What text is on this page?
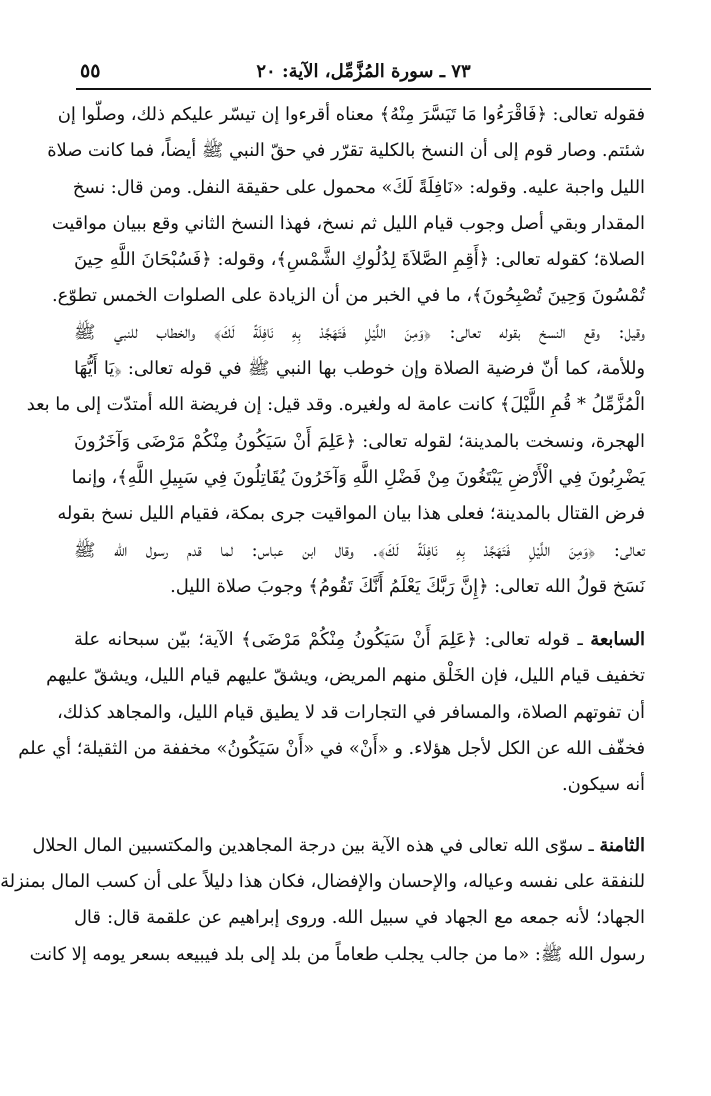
٧٣ ـ سورة المُزَّمِّل، الآية: ٢٠
٥٥
فقوله تعالى: ﴿فَاقْرَءُوا مَا تَيَسَّرَ مِنْهُ﴾ معناه أقرءوا إن تيسّر عليكم ذلك، وصلّوا إن
شئتم. وصار قوم إلى أن النسخ بالكلية تقرّر في حقّ النبي ﷺ أيضاً، فما كانت صلاة
الليل واجبة عليه. وقوله: «نَافِلَةً لَكَ» محمول على حقيقة النفل. ومن قال: نسخ
المقدار وبقي أصل وجوب قيام الليل ثم نسخ، فهذا النسخ الثاني وقع ببيان مواقيت
الصلاة؛ كقوله تعالى: ﴿أَقِمِ الصَّلاَةَ لِدُلُوكِ الشَّمْسِ﴾، وقوله: ﴿فَسُبْحَانَ اللَّهِ حِينَ
تُمْسُونَ وَحِينَ تُصْبِحُونَ﴾، ما في الخبر من أن الزيادة على الصلوات الخمس تطوّع.
وقيل: وقع النسخ بقوله تعالى: ﴿وَمِنَ اللَّيْلِ فَتَهَجَّدْ بِهِ نَافِلَةً لَكَ﴾ والخطاب للنبي ﷺ
وللأمة، كما أنّ فرضية الصلاة وإن خوطب بها النبي ﷺ في قوله تعالى: ﴿يَا أَيُّهَا
الْمُزَّمِّلُ * قُمِ اللَّيْلَ﴾ كانت عامة له ولغيره. وقد قيل: إن فريضة الله أمتدّت إلى ما بعد
الهجرة، ونسخت بالمدينة؛ لقوله تعالى: ﴿عَلِمَ أَنْ سَيَكُونُ مِنْكُمْ مَرْضَى وَآخَرُونَ
يَضْرِبُونَ فِي الْأَرْضِ يَبْتَغُونَ مِنْ فَضْلِ اللَّهِ وَآخَرُونَ يُقَاتِلُونَ فِي سَبِيلِ اللَّهِ﴾، وإنما
فرض القتال بالمدينة؛ فعلى هذا بيان المواقيت جرى بمكة، فقيام الليل نسخ بقوله
تعالى: ﴿وَمِنَ اللَّيْلِ فَتَهَجَّدْ بِهِ نَافِلَةً لَكَ﴾. وقال ابن عباس: لما قدم رسول الله ﷺ
نَسَخ قولُ الله تعالى: ﴿إِنَّ رَبَّكَ يَعْلَمُ أَنَّكَ تَقُومُ﴾ وجوبَ صلاة الليل.
السابعة ـ قوله تعالى: ﴿عَلِمَ أَنْ سَيَكُونُ مِنْكُمْ مَرْضَى﴾ الآية؛ بيّن سبحانه علة
تخفيف قيام الليل، فإن الخَلْق منهم المريض، ويشقّ عليهم قيام الليل، ويشقّ عليهم
أن تفوتهم الصلاة، والمسافر في التجارات قد لا يطيق قيام الليل، والمجاهد كذلك،
فخفّف الله عن الكل لأجل هؤلاء. و «أَنْ» في «أَنْ سَيَكُونُ» مخففة من الثقيلة؛ أي علم
أنه سيكون.
الثامنة ـ سوّى الله تعالى في هذه الآية بين درجة المجاهدين والمكتسبين المال الحلال
للنفقة على نفسه وعياله، والإحسان والإفضال، فكان هذا دليلاً على أن كسب المال بمنزلة
الجهاد؛ لأنه جمعه مع الجهاد في سبيل الله. وروى إبراهيم عن علقمة قال: قال
رسول الله ﷺ: «ما من جالب يجلب طعاماً من بلد إلى بلد فيبيعه بسعر يومه إلا كانت
